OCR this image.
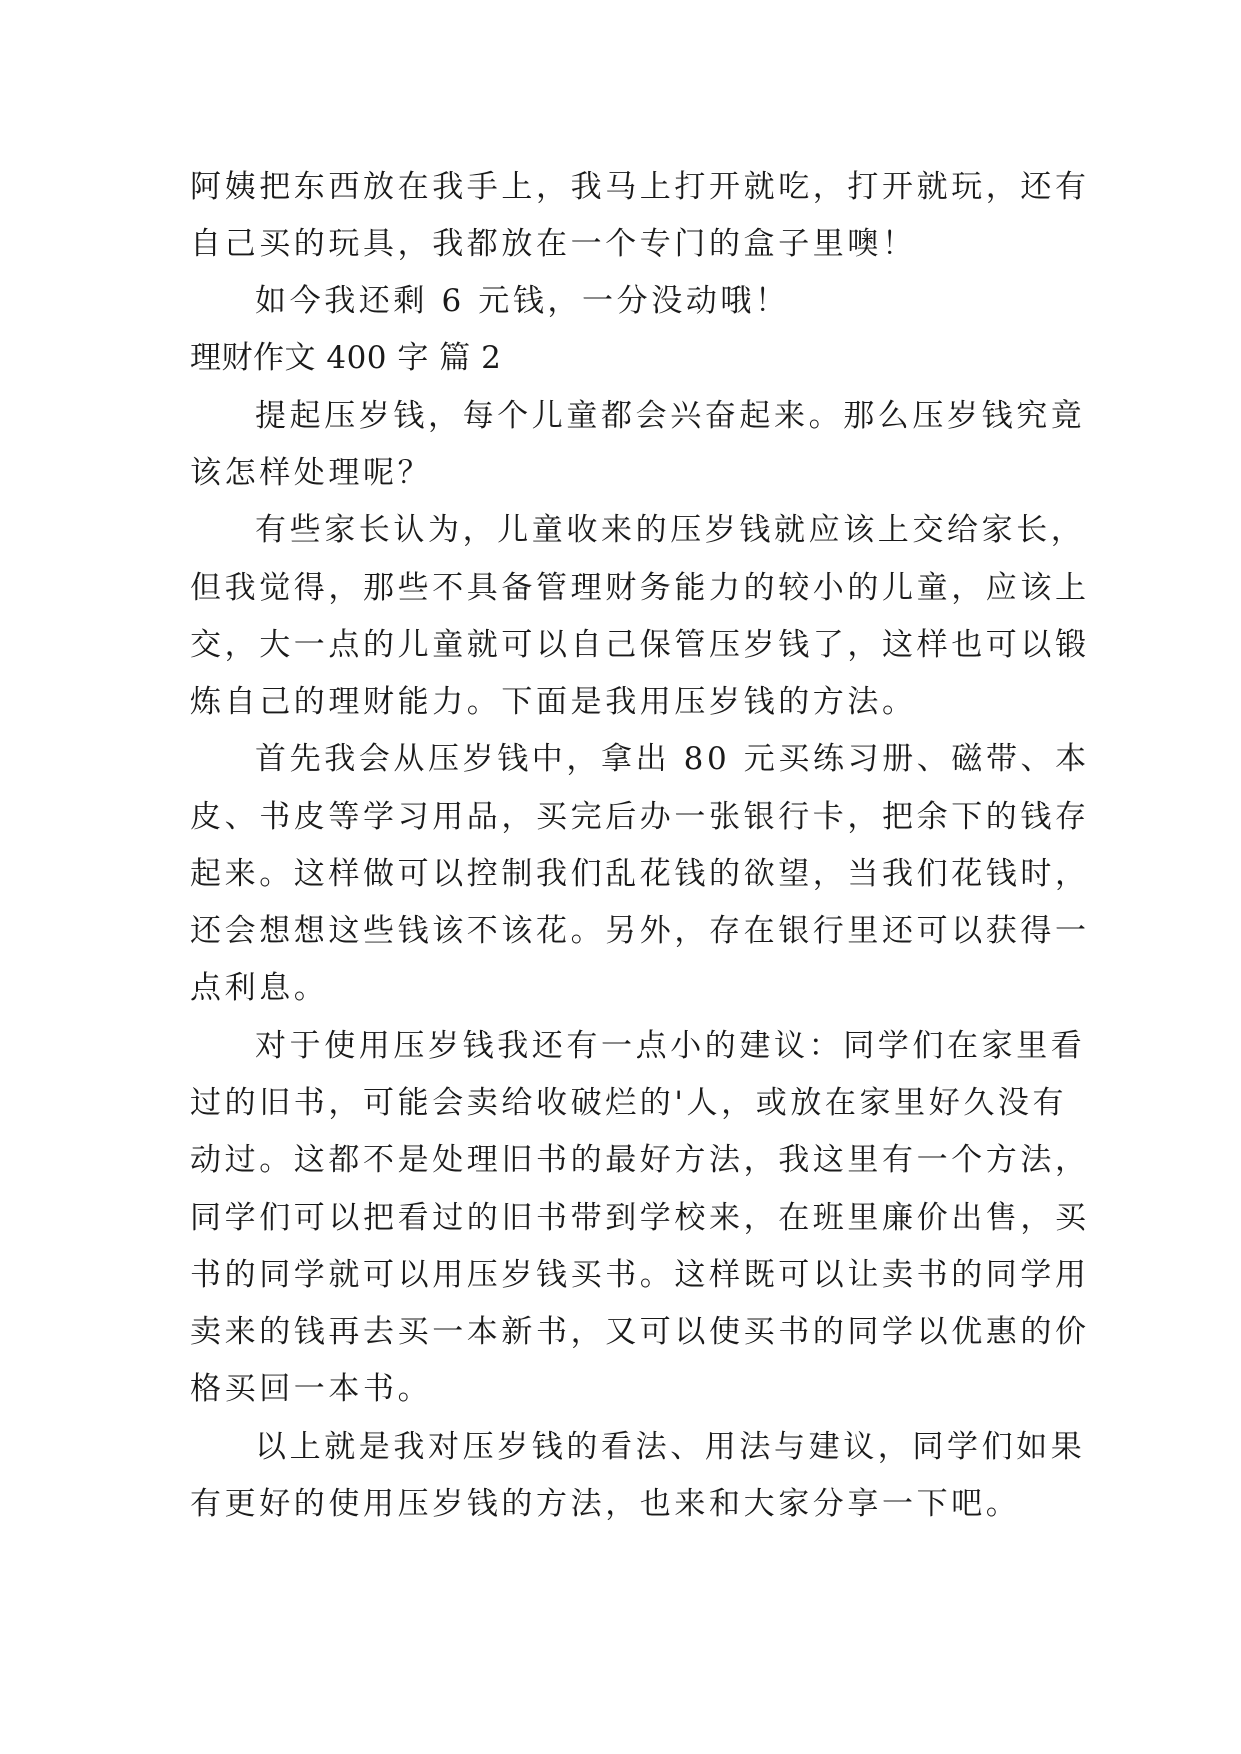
阿姨把东西放在我手上，我马上打开就吃，打开就玩，还有
自己买的玩具，我都放在一个专门的盒子里噢！
如今我还剩 6 元钱，一分没动哦！
理财作文 400 字 篇 2
提起压岁钱，每个儿童都会兴奋起来。那么压岁钱究竟
该怎样处理呢？
有些家长认为，儿童收来的压岁钱就应该上交给家长，
但我觉得，那些不具备管理财务能力的较小的儿童，应该上
交，大一点的儿童就可以自己保管压岁钱了，这样也可以锻
炼自己的理财能力。下面是我用压岁钱的方法。
首先我会从压岁钱中，拿出 80 元买练习册、磁带、本
皮、书皮等学习用品，买完后办一张银行卡，把余下的钱存
起来。这样做可以控制我们乱花钱的欲望，当我们花钱时，
还会想想这些钱该不该花。另外，存在银行里还可以获得一
点利息。
对于使用压岁钱我还有一点小的建议：同学们在家里看
过的旧书，可能会卖给收破烂的'人，或放在家里好久没有
动过。这都不是处理旧书的最好方法，我这里有一个方法，
同学们可以把看过的旧书带到学校来，在班里廉价出售，买
书的同学就可以用压岁钱买书。这样既可以让卖书的同学用
卖来的钱再去买一本新书，又可以使买书的同学以优惠的价
格买回一本书。
以上就是我对压岁钱的看法、用法与建议，同学们如果
有更好的使用压岁钱的方法，也来和大家分享一下吧。
